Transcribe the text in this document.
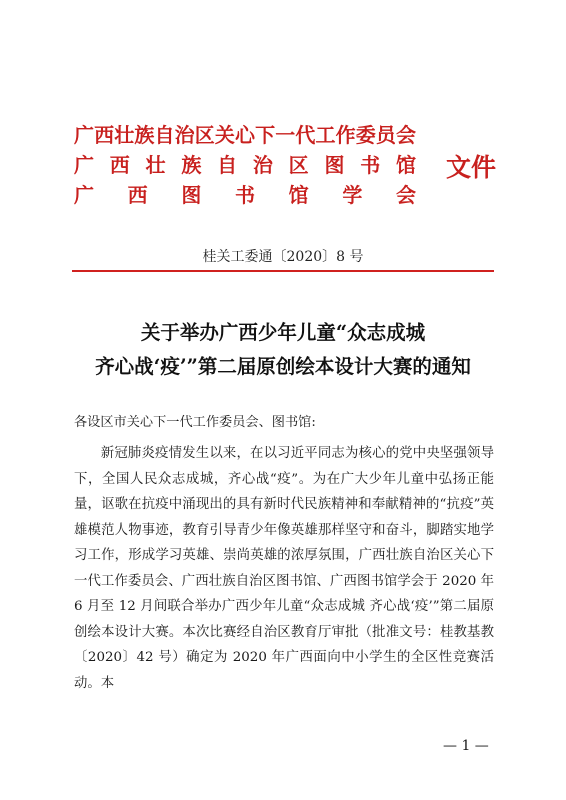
广西壮族自治区关心下一代工作委员会
广西壮族自治区图书馆
广西图书馆学会
文件
桂关工委通〔2020〕8 号
关于举办广西少年儿童“众志成城
齐心战‘疫’”第二届原创绘本设计大赛的通知
各设区市关心下一代工作委员会、图书馆:

新冠肺炎疫情发生以来，在以习近平同志为核心的党中央坚强领导下，全国人民众志成城，齐心战“疫”。为在广大少年儿童中弘扬正能量，讴歌在抗疫中涌现出的具有新时代民族精神和奉献精神的“抗疫”英雄模范人物事迹，教育引导青少年像英雄那样坚守和奋斗，脚踏实地学习工作，形成学习英雄、崇尚英雄的浓厚氛围，广西壮族自治区关心下一代工作委员会、广西壮族自治区图书馆、广西图书馆学会于 2020 年 6 月至 12 月间联合举办广西少年儿童“众志成城 齐心战‘疫’”第二届原创绘本设计大赛。本次比赛经自治区教育厅审批（批准文号：桂教基教〔2020〕42 号）确定为 2020 年广西面向中小学生的全区性竞赛活动。本

— 1 —
